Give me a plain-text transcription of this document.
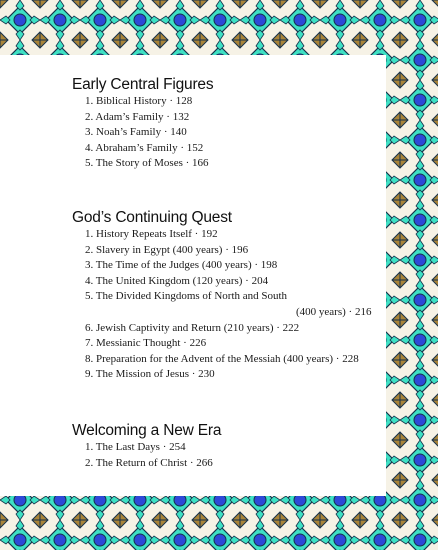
Early Central Figures
1. Biblical History · 128
2. Adam’s Family · 132
3. Noah’s Family · 140
4. Abraham’s Family · 152
5. The Story of Moses · 166
God’s Continuing Quest
1. History Repeats Itself · 192
2. Slavery in Egypt (400 years) · 196
3. The Time of the Judges (400 years) · 198
4. The United Kingdom (120 years) · 204
5. The Divided Kingdoms of North and South
(400 years) · 216
6. Jewish Captivity and Return (210 years) · 222
7. Messianic Thought · 226
8. Preparation for the Advent of the Messiah (400 years) · 228
9. The Mission of Jesus · 230
Welcoming a New Era
1. The Last Days · 254
2. The Return of Christ · 266
